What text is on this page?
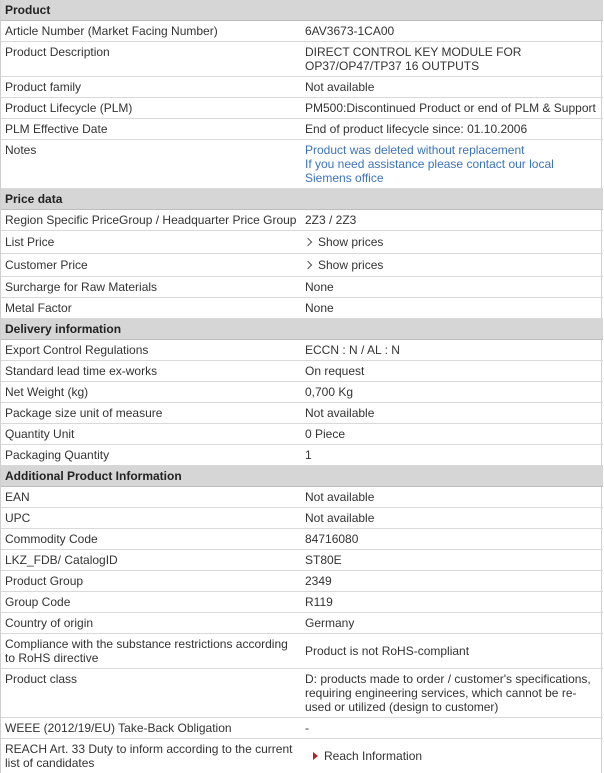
Product	
Article Number (Market Facing Number)	6AV3673-1CA00
Product Description	DIRECT CONTROL KEY MODULE FOR OP37/OP47/TP37 16 OUTPUTS
Product family	Not available
Product Lifecycle (PLM)	PM500:Discontinued Product or end of PLM & Support
PLM Effective Date	End of product lifecycle since: 01.10.2006
Notes	Product was deleted without replacement
If you need assistance please contact our local Siemens office

Price data	
Region Specific PriceGroup / Headquarter Price Group	2Z3 / 2Z3
List Price	Show prices
Customer Price	Show prices
Surcharge for Raw Materials	None
Metal Factor	None
Delivery information	
Export Control Regulations	ECCN : N / AL : N
Standard lead time ex-works	On request
Net Weight (kg)	0,700 Kg
Package size unit of measure	Not available
Quantity Unit	0 Piece
Packaging Quantity	1
Additional Product Information	
EAN	Not available
UPC	Not available
Commodity Code	84716080
LKZ_FDB/ CatalogID	ST80E
Product Group	2349
Group Code	R119
Country of origin	Germany
Compliance with the substance restrictions according to RoHS directive	Product is not RoHS-compliant
Product class	D: products made to order / customer's specifications, requiring engineering services, which cannot be re-used or utilized (design to customer)
WEEE (2012/19/EU) Take-Back Obligation	-
REACH Art. 33 Duty to inform according to the current list of candidates	Reach Information
